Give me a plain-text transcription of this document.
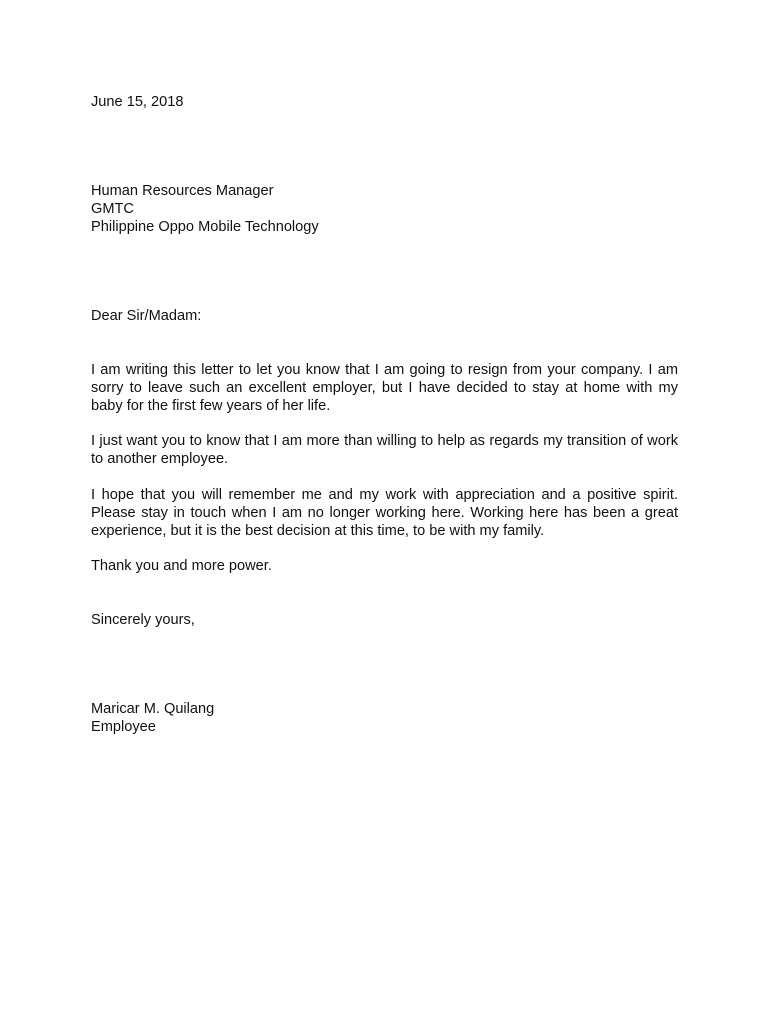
June 15, 2018
Human Resources Manager
GMTC
Philippine Oppo Mobile Technology
Dear Sir/Madam:
I am writing this letter to let you know that I am going to resign from your company. I am
sorry to leave such an excellent employer, but I have decided to stay at home with my
baby for the first few years of her life.
I just want you to know that I am more than willing to help as regards my transition of work
to another employee.
I hope that you will remember me and my work with appreciation and a positive spirit.
Please stay in touch when I am no longer working here. Working here has been a great
experience, but it is the best decision at this time, to be with my family.
Thank you and more power.
Sincerely yours,
Maricar M. Quilang
Employee
